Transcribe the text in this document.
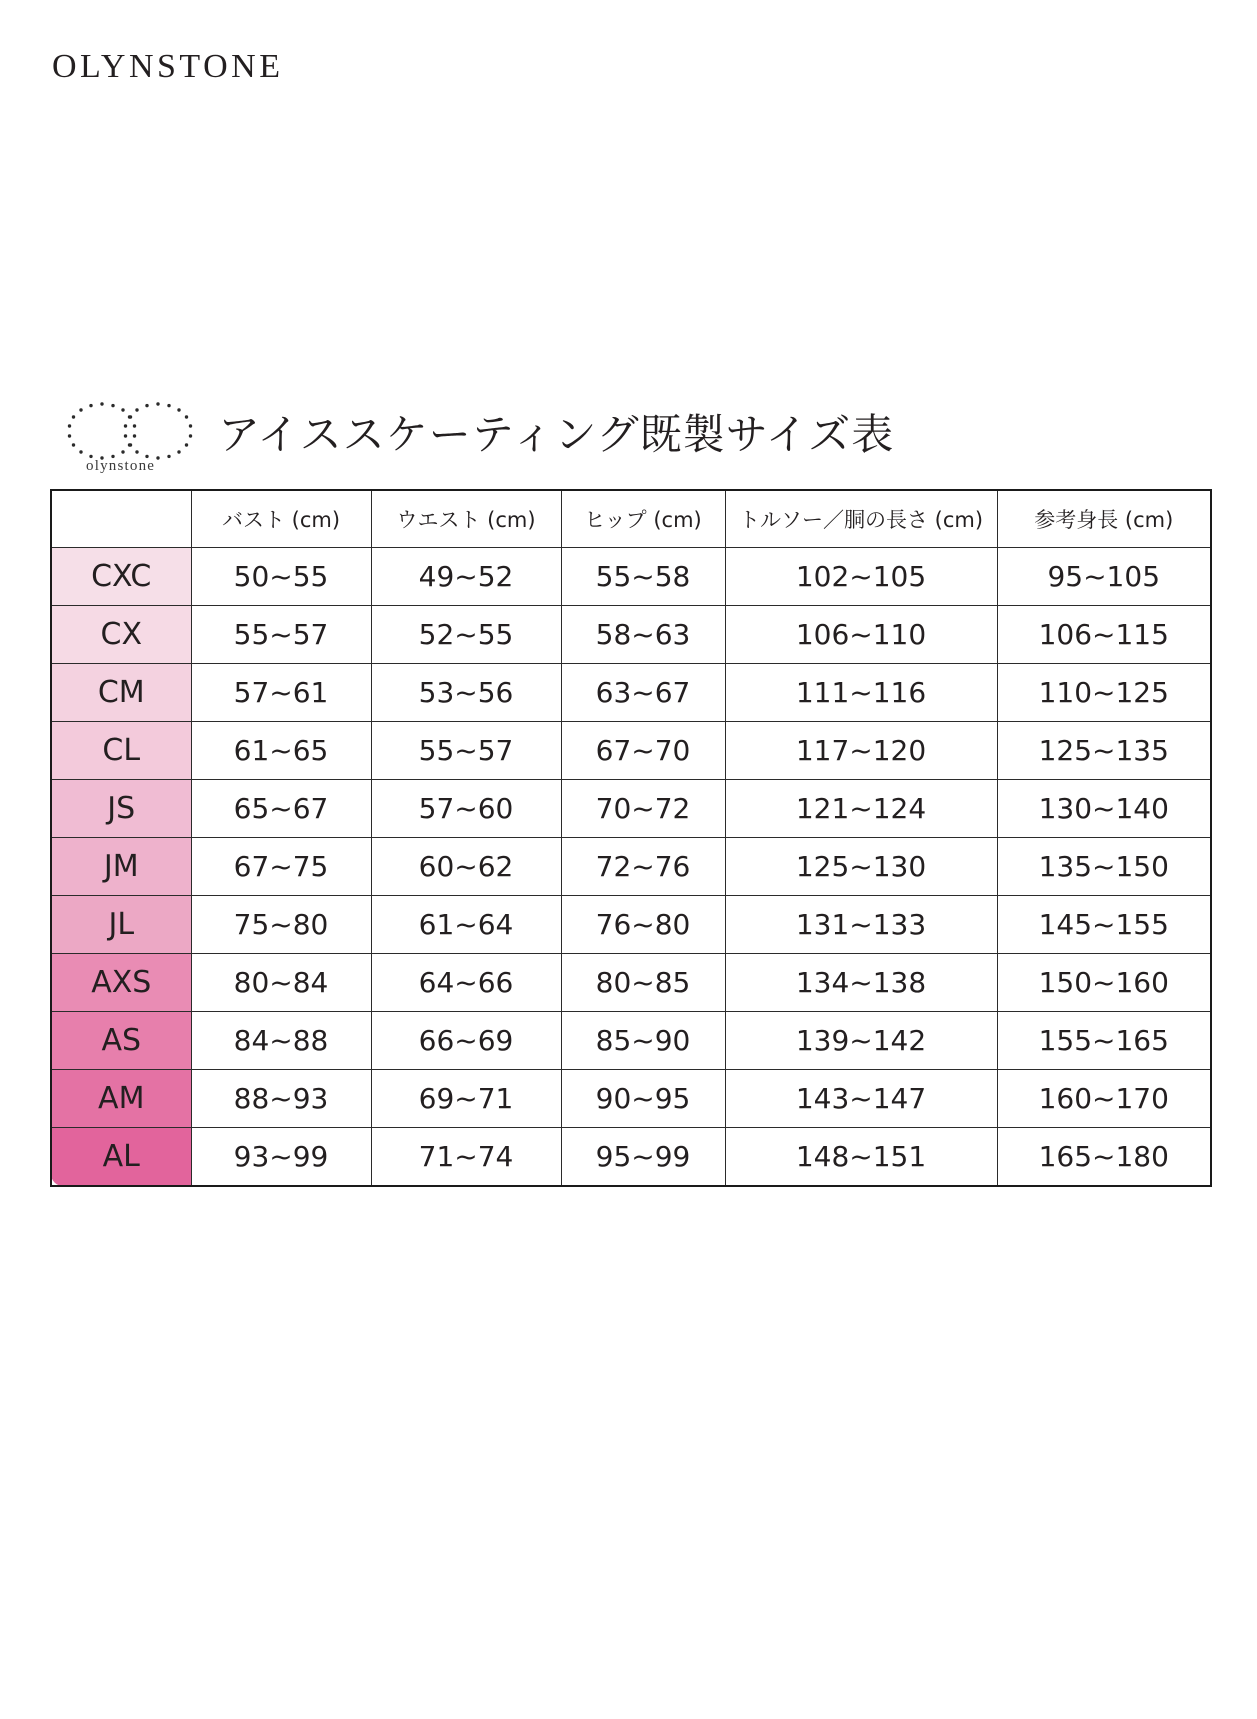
OLYNSTONE
olynstone
アイススケーティング既製サイズ表
	バスト (cm)	ウエスト (cm)	ヒップ (cm)	トルソー／胴の長さ (cm)	参考身長 (cm)
CXC	50~55	49~52	55~58	102~105	95~105
CX	55~57	52~55	58~63	106~110	106~115
CM	57~61	53~56	63~67	111~116	110~125
CL	61~65	55~57	67~70	117~120	125~135
JS	65~67	57~60	70~72	121~124	130~140
JM	67~75	60~62	72~76	125~130	135~150
JL	75~80	61~64	76~80	131~133	145~155
AXS	80~84	64~66	80~85	134~138	150~160
AS	84~88	66~69	85~90	139~142	155~165
AM	88~93	69~71	90~95	143~147	160~170
AL	93~99	71~74	95~99	148~151	165~180
